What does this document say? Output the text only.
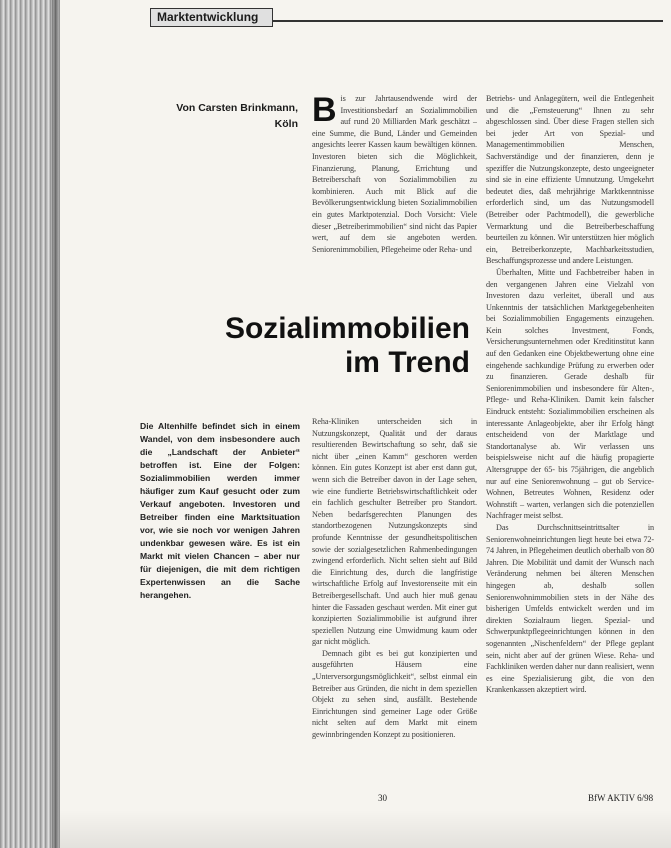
Marktentwicklung
Von Carsten Brinkmann,
Köln Bis zur Jahrtausendwende wird der Investitionsbedarf an Sozialimmobilien auf rund 20 Milliarden Mark geschätzt – eine Summe, die Bund, Länder und Gemeinden angesichts leerer Kassen kaum bewältigen können. Investoren bieten sich die Möglichkeit, Finanzierung, Planung, Errichtung und Betreiberschaft von Sozialimmobilien zu kombinieren. Auch mit Blick auf die Bevölkerungsentwicklung bieten Sozialimmobilien ein gutes Marktpotenzial. Doch Vorsicht: Viele dieser „Betreiberimmobilien“ sind nicht das Papier wert, auf dem sie angeboten werden. Seniorenimmobilien, Pflegeheime oder Reha- und

Sozialimmobilien
im Trend
Die Altenhilfe befindet sich in einem Wandel, von dem insbesondere auch die „Landschaft der Anbieter“ betroffen ist. Eine der Folgen: Sozialimmobilien werden immer häufiger zum Kauf gesucht oder zum Verkauf angeboten. Investoren und Betreiber finden eine Marktsituation vor, wie sie noch vor wenigen Jahren undenkbar gewesen wäre. Es ist ein Markt mit vielen Chancen – aber nur für diejenigen, die mit dem richtigen Expertenwissen an die Sache herangehen.

Reha-Kliniken unterscheiden sich in Nutzungskonzept, Qualität und der daraus resultierenden Bewirtschaftung so sehr, daß sie nicht über „einen Kamm“ geschoren werden können. Ein gutes Konzept ist aber erst dann gut, wenn sich die Betreiber davon in der Lage sehen, wie eine fundierte Betriebswirtschaftlichkeit oder ein fachlich geschulter Betreiber pro Standort. Neben bedarfsgerechten Planungen des standortbezogenen Nutzungskonzepts sind profunde Kenntnisse der gesundheitspolitischen sowie der sozialgesetzlichen Rahmenbedingungen zwingend erforderlich. Nicht selten sieht auf Bild die Einrichtung des, durch die langfristige wirtschaftliche Erfolg auf Investorenseite mit ein Betreibergesellschaft. Und auch hier muß genau hinter die Fassaden geschaut werden. Mit einer gut konzipierten Sozialimmobilie ist aufgrund ihrer speziellen Nutzung eine Umwidmung kaum oder gar nicht möglich.

Demnach gibt es bei gut konzipierten und ausgeführten Häusern eine „Unterversorgungsmöglichkeit“, selbst einmal ein Betreiber aus Gründen, die nicht in dem speziellen Objekt zu sehen sind, ausfällt. Bestehende Einrichtungen sind gemeiner Lage oder Größe nicht selten auf dem Markt mit einem gewinnbringenden Konzept zu positionieren.

Betriebs- und Anlagegütern, weil die Entlegenheit und die „Fernsteuerung“ Ihnen zu sehr abgeschlossen sind. Über diese Fragen stellen sich bei jeder Art von Spezial- und Managementimmobilien Menschen, Sachverständige und der finanzieren, denn je speziffer die Nutzungskonzepte, desto ungeeigneter sind sie in eine effiziente Umnutzung. Umgekehrt bedeutet dies, daß mehrjährige Marktkenntnisse erforderlich sind, um das Nutzungsmodell (Betreiber oder Pachtmodell), die gewerbliche Vermarktung und die Betreiberbeschaffung beurteilen zu können. Wir unterstützen hier möglich ein, Betreiberkonzepte, Machbarkeitsstudien, Beschaffungsprozesse und andere Leistungen.

Überhalten, Mitte und Fachbetreiber haben in den vergangenen Jahren eine Vielzahl von Investoren dazu verleitet, überall und aus Unkenntnis der tatsächlichen Marktgegebenheiten bei Sozialimmobilien Engagements einzugehen. Kein solches Investment, Fonds, Versicherungsunternehmen oder Kreditinstitut kann auf den Gedanken eine Objektbewertung ohne eine eingehende sachkundige Prüfung zu erwerben oder zu finanzieren. Gerade deshalb für Seniorenimmobilien und insbesondere für Alten-, Pflege- und Reha-Kliniken. Damit kein falscher Eindruck entsteht: Sozialimmobilien erscheinen als interessante Anlageobjekte, aber ihr Erfolg hängt entscheidend von der Marktlage und Standortanalyse ab. Wir verlassen uns beispielsweise nicht auf die häufig propagierte Altersgruppe der 65- bis 75jährigen, die angeblich nur auf eine Seniorenwohnung – gut ob Service-Wohnen, Betreutes Wohnen, Residenz oder Wohnstift – warten, verlangen sich die potenziellen Nachfrager meist selbst.

Das Durchschnittseintrittsalter in Seniorenwohneinrichtungen liegt heute bei etwa 72-74 Jahren, in Pflegeheimen deutlich oberhalb von 80 Jahren. Die Mobilität und damit der Wunsch nach Veränderung nehmen bei älteren Menschen hingegen ab, deshalb sollen Seniorenwohnimmobilien stets in der Nähe des bisherigen Umfelds entwickelt werden und im direkten Sozialraum liegen. Spezial- und Schwerpunktpflegeeinrichtungen können in den sogenannten „Nischenfeldern“ der Pflege geplant sein, nicht aber auf der grünen Wiese. Reha- und Fachkliniken werden daher nur dann realisiert, wenn es eine Spezialisierung gibt, die von den Krankenkassen akzeptiert wird.

30	BfW AKTIV 6/98
